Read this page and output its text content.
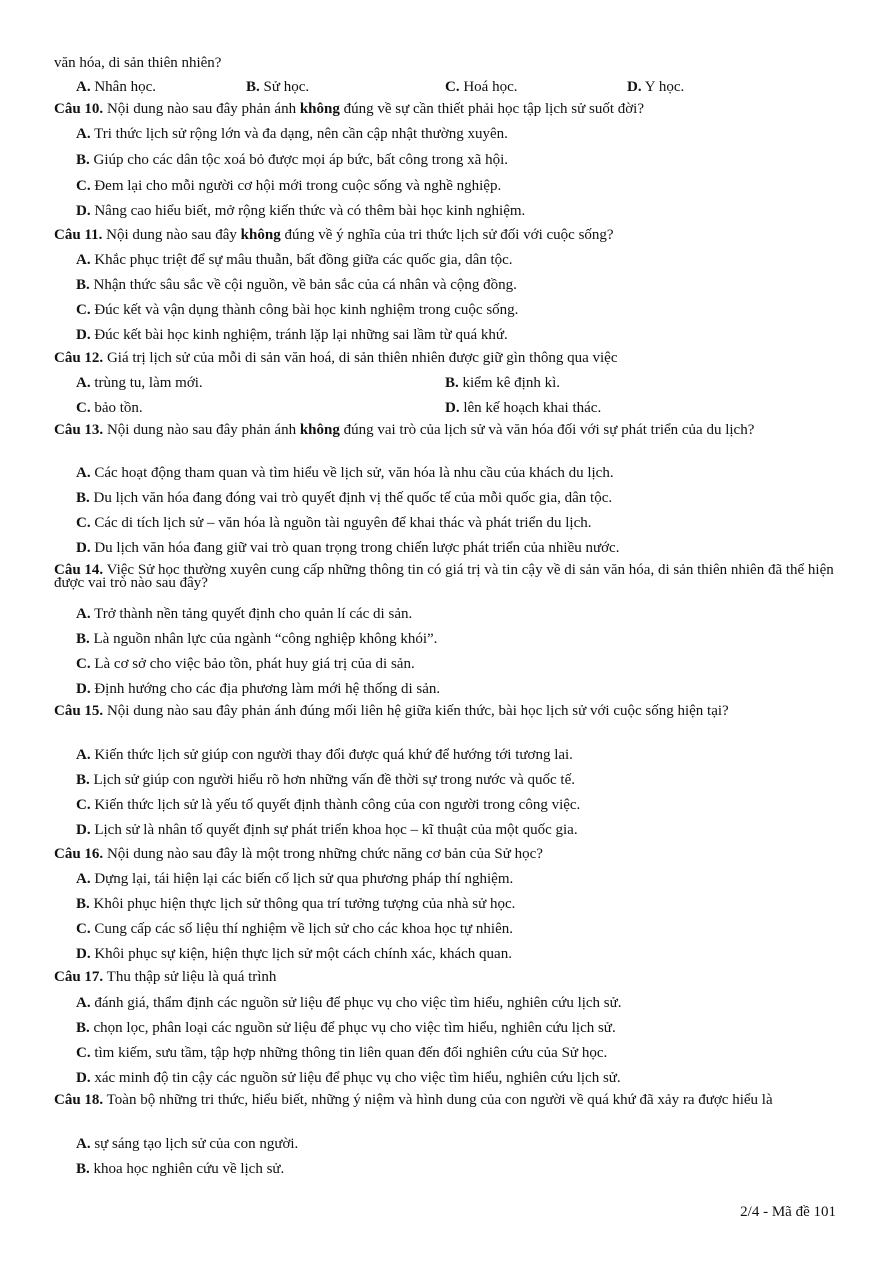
văn hóa, di sản thiên nhiên?
A. Nhân học.	B. Sử học.	C. Hoá học.	D. Y học.
Câu 10. Nội dung nào sau đây phản ánh không đúng về sự cần thiết phải học tập lịch sử suốt đời?
A. Tri thức lịch sử rộng lớn và đa dạng, nên cần cập nhật thường xuyên.
B. Giúp cho các dân tộc xoá bỏ được mọi áp bức, bất công trong xã hội.
C. Đem lại cho mỗi người cơ hội mới trong cuộc sống và nghề nghiệp.
D. Nâng cao hiểu biết, mở rộng kiến thức và có thêm bài học kinh nghiệm.
Câu 11. Nội dung nào sau đây không đúng về ý nghĩa của tri thức lịch sử đối với cuộc sống?
A. Khắc phục triệt để sự mâu thuẫn, bất đồng giữa các quốc gia, dân tộc.
B. Nhận thức sâu sắc về cội nguồn, về bản sắc của cá nhân và cộng đồng.
C. Đúc kết và vận dụng thành công bài học kinh nghiệm trong cuộc sống.
D. Đúc kết bài học kinh nghiệm, tránh lặp lại những sai lầm từ quá khứ.
Câu 12. Giá trị lịch sử của mỗi di sản văn hoá, di sản thiên nhiên được giữ gìn thông qua việc
A. trùng tu, làm mới.	B. kiểm kê định kì.
C. bảo tồn.	D. lên kế hoạch khai thác.
Câu 13. Nội dung nào sau đây phản ánh không đúng vai trò của lịch sử và văn hóa đối với sự phát triển của du lịch?
A. Các hoạt động tham quan và tìm hiểu về lịch sử, văn hóa là nhu cầu của khách du lịch.
B. Du lịch văn hóa đang đóng vai trò quyết định vị thế quốc tế của mỗi quốc gia, dân tộc.
C. Các di tích lịch sử – văn hóa là nguồn tài nguyên để khai thác và phát triển du lịch.
D. Du lịch văn hóa đang giữ vai trò quan trọng trong chiến lược phát triển của nhiều nước.
Câu 14. Việc Sử học thường xuyên cung cấp những thông tin có giá trị và tin cậy về di sản văn hóa, di sản thiên nhiên đã thể hiện được vai trò nào sau đây?
A. Trở thành nền tảng quyết định cho quản lí các di sản.
B. Là nguồn nhân lực của ngành “công nghiệp không khói”.
C. Là cơ sở cho việc bảo tồn, phát huy giá trị của di sản.
D. Định hướng cho các địa phương làm mới hệ thống di sản.
Câu 15. Nội dung nào sau đây phản ánh đúng mối liên hệ giữa kiến thức, bài học lịch sử với cuộc sống hiện tại?
A. Kiến thức lịch sử giúp con người thay đổi được quá khứ để hướng tới tương lai.
B. Lịch sử giúp con người hiểu rõ hơn những vấn đề thời sự trong nước và quốc tế.
C. Kiến thức lịch sử là yếu tố quyết định thành công của con người trong công việc.
D. Lịch sử là nhân tố quyết định sự phát triển khoa học – kĩ thuật của một quốc gia.
Câu 16. Nội dung nào sau đây là một trong những chức năng cơ bản của Sử học?
A. Dựng lại, tái hiện lại các biến cố lịch sử qua phương pháp thí nghiệm.
B. Khôi phục hiện thực lịch sử thông qua trí tưởng tượng của nhà sử học.
C. Cung cấp các số liệu thí nghiệm về lịch sử cho các khoa học tự nhiên.
D. Khôi phục sự kiện, hiện thực lịch sử một cách chính xác, khách quan.
Câu 17. Thu thập sử liệu là quá trình
A. đánh giá, thẩm định các nguồn sử liệu để phục vụ cho việc tìm hiểu, nghiên cứu lịch sử.
B. chọn lọc, phân loại các nguồn sử liệu để phục vụ cho việc tìm hiểu, nghiên cứu lịch sử.
C. tìm kiếm, sưu tầm, tập hợp những thông tin liên quan đến đối nghiên cứu của Sử học.
D. xác minh độ tin cậy các nguồn sử liệu để phục vụ cho việc tìm hiểu, nghiên cứu lịch sử.
Câu 18. Toàn bộ những tri thức, hiểu biết, những ý niệm và hình dung của con người về quá khứ đã xảy ra được hiểu là
A. sự sáng tạo lịch sử của con người.
B. khoa học nghiên cứu về lịch sử.
2/4 - Mã đề 101
